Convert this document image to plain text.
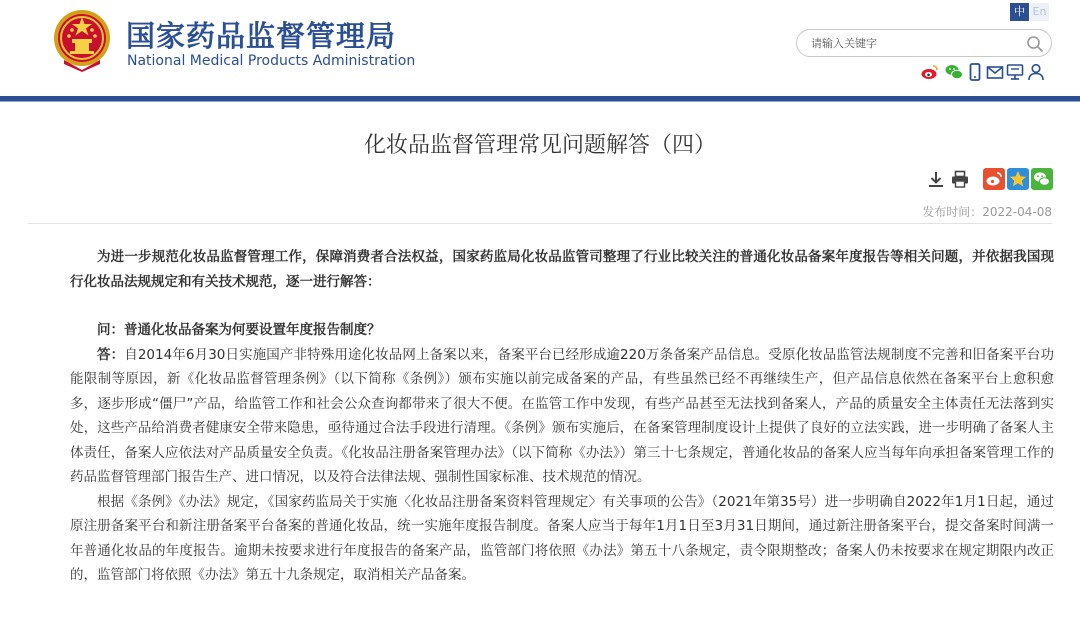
国家药品监督管理局
National Medical Products Administration
中 En
请输入关键字
化妆品监督管理常见问题解答（四）
发布时间：2022-04-08

为进一步规范化妆品监督管理工作，保障消费者合法权益，国家药监局化妆品监管司整理了行业比较关注的普通化妆品备案年度报告等相关问题，并依据我国现行化妆品法规规定和有关技术规范，逐一进行解答：

问：普通化妆品备案为何要设置年度报告制度？

答：自2014年6月30日实施国产非特殊用途化妆品网上备案以来，备案平台已经形成逾220万条备案产品信息。受原化妆品监管法规制度不完善和旧备案平台功能限制等原因，新《化妆品监督管理条例》（以下简称《条例》）颁布实施以前完成备案的产品，有些虽然已经不再继续生产，但产品信息依然在备案平台上愈积愈多，逐步形成“僵尸”产品，给监管工作和社会公众查询都带来了很大不便。在监管工作中发现，有些产品甚至无法找到备案人，产品的质量安全主体责任无法落到实处，这些产品给消费者健康安全带来隐患，亟待通过合法手段进行清理。《条例》颁布实施后，在备案管理制度设计上提供了良好的立法实践，进一步明确了备案人主体责任，备案人应依法对产品质量安全负责。《化妆品注册备案管理办法》（以下简称《办法》）第三十七条规定，普通化妆品的备案人应当每年向承担备案管理工作的药品监督管理部门报告生产、进口情况，以及符合法律法规、强制性国家标准、技术规范的情况。

根据《条例》《办法》规定，《国家药监局关于实施〈化妆品注册备案资料管理规定〉有关事项的公告》（2021年第35号）进一步明确自2022年1月1日起，通过原注册备案平台和新注册备案平台备案的普通化妆品，统一实施年度报告制度。备案人应当于每年1月1日至3月31日期间，通过新注册备案平台，提交备案时间满一年普通化妆品的年度报告。逾期未按要求进行年度报告的备案产品，监管部门将依照《办法》第五十八条规定，责令限期整改；备案人仍未按要求在规定期限内改正的，监管部门将依照《办法》第五十九条规定，取消相关产品备案。
